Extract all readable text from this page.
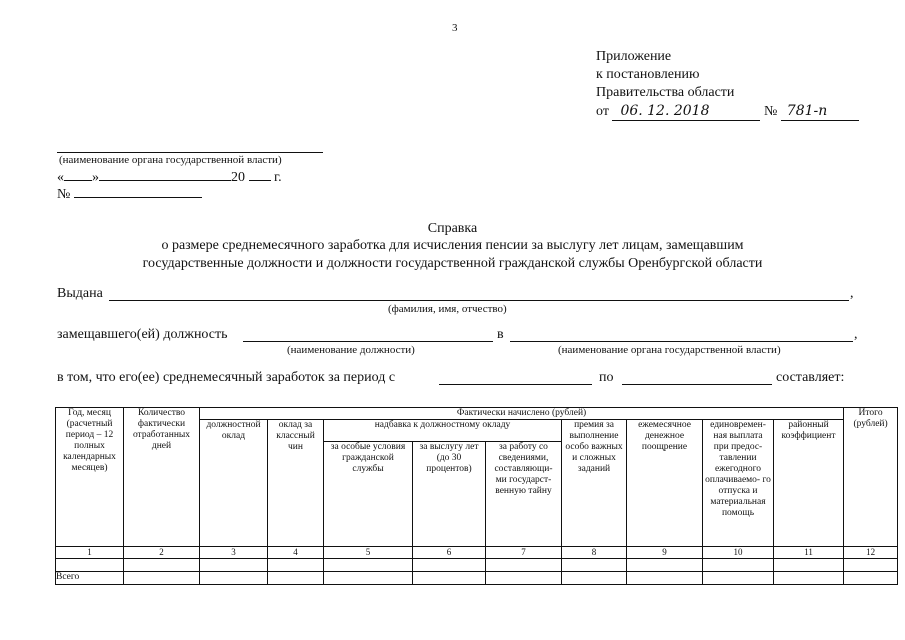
3
Приложение
к постановлению
Правительства области
от 06. 12. 2018	№ 781-п
(наименование органа государственной власти)
« »	20 г.
№
Справка
о размере среднемесячного заработка для исчисления пенсии за выслугу лет лицам, замещавшим
государственные должности и должности государственной гражданской службы Оренбургской области
Выдана	,
(фамилия, имя, отчество)
замещавшего(ей) должность	в	,
(наименование должности)	(наименование органа государственной власти)
в том, что его(ее) среднемесячный заработок за период с	по	составляет:
Год, месяц (расчетный период – 12 полных календарных месяцев)	Количество фактически отработанных дней	Фактически начислено (рублей)									Итого (рублей)
		должностной оклад	оклад за классный чин	надбавка к должностному окладу			премия за выполнение особо важных и сложных заданий	ежемесячное денежное поощрение	единовремен- ная выплата при предос- тавлении ежегодного оплачиваемо- го отпуска и материальная помощь	районный коэффициент	
				за особые условия гражданской службы	за выслугу лет (до 30 процентов)	за работу со сведениями, составляющи- ми государст- венную тайну					
1	2	3	4	5	6	7	8	9	10	11	12

Всего											
